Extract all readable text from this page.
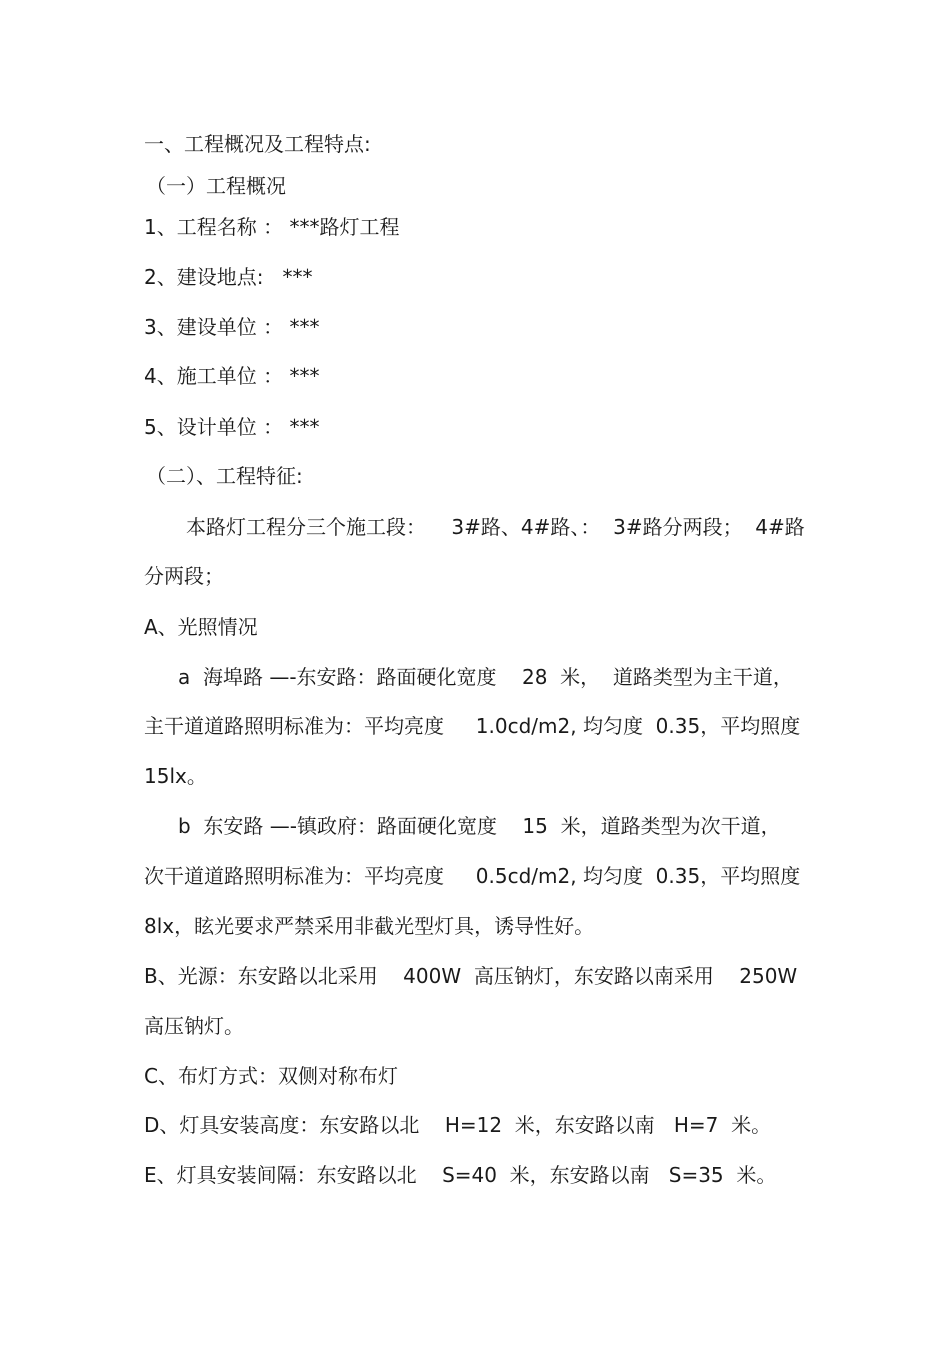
一、工程概况及工程特点:

（一）工程概况

1、工程名称 ： ***路灯工程

2、建设地点:   ***

3、建设单位 ： ***

4、施工单位 ： ***

5、设计单位 ： ***

（二）、工程特征:

本路灯工程分三个施工段：    3#路、4#路、：  3#路分两段；  4#路

分两段；

A、光照情况

a  海埠路 —-东安路：路面硬化宽度    28  米，  道路类型为主干道，

主干道道路照明标准为：平均亮度     1.0cd/m2, 均匀度  0.35，平均照度

15lx。

b  东安路 —-镇政府：路面硬化宽度    15  米，道路类型为次干道，

次干道道路照明标准为：平均亮度     0.5cd/m2, 均匀度  0.35，平均照度

8lx，眩光要求严禁采用非截光型灯具，诱导性好。

B、光源：东安路以北采用    400W  高压钠灯，东安路以南采用    250W

高压钠灯。

C、布灯方式：双侧对称布灯

D、灯具安装高度：东安路以北    H=12  米，东安路以南   H=7  米。

E、灯具安装间隔：东安路以北    S=40  米，东安路以南   S=35  米。
